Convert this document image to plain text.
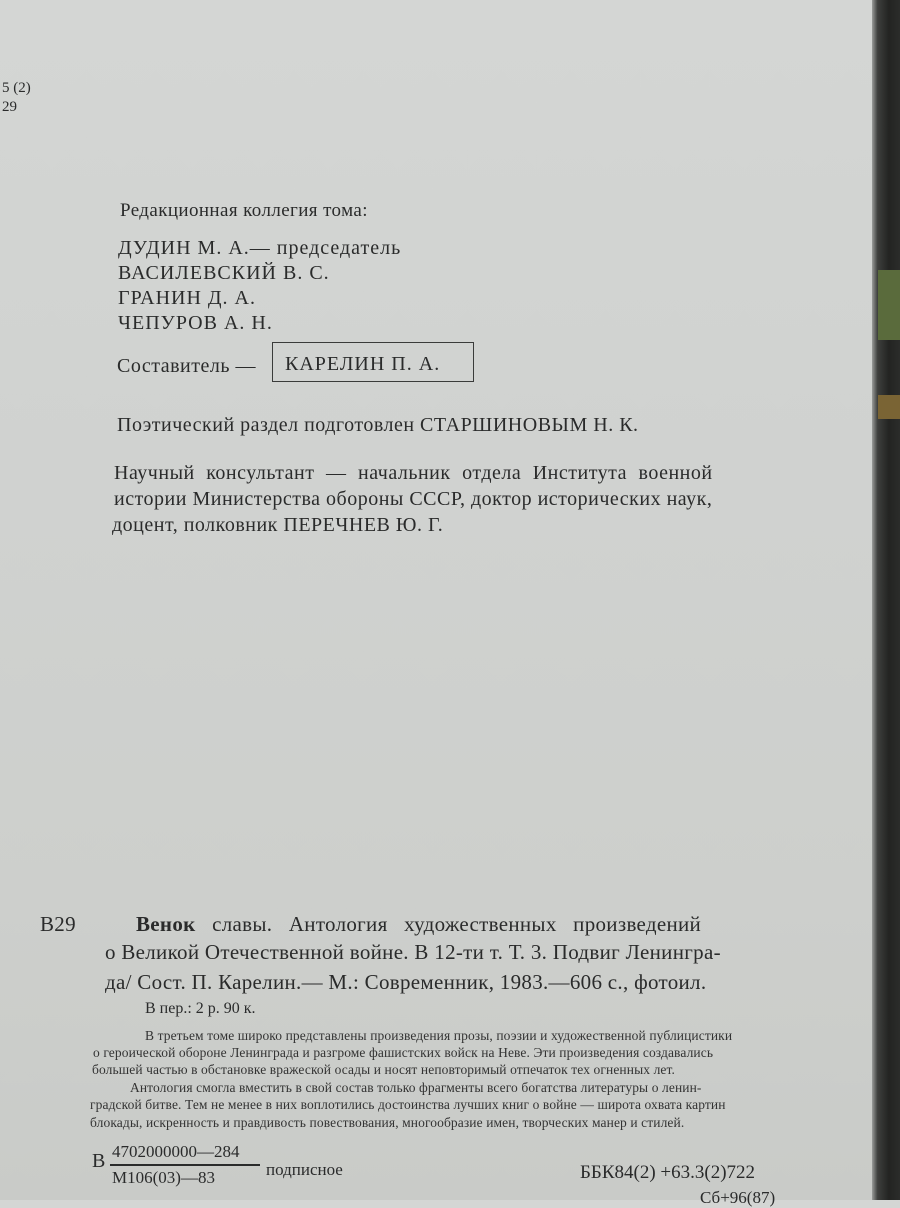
5 (2)
29
Редакционная коллегия тома:
ДУДИН М. А.— председатель
ВАСИЛЕВСКИЙ В. С.
ГРАНИН Д. А.
ЧЕПУРОВ А. Н.
Составитель — КАРЕЛИН П. А.
Поэтический раздел подготовлен СТАРШИНОВЫМ Н. К.
Научный консультант — начальник отдела Института военной
истории Министерства обороны СССР, доктор исторических наук,
доцент, полковник ПЕРЕЧНЕВ Ю. Г.
В29	Венок славы. Антология художественных произведений
о Великой Отечественной войне. В 12-ти т. Т. 3. Подвиг Ленингра-
да/ Сост. П. Карелин.— М.: Современник, 1983.—606 с., фотоил.
В пер.: 2 р. 90 к.
В третьем томе широко представлены произведения прозы, поэзии и художественной публицистики
о героической обороне Ленинграда и разгроме фашистских войск на Неве. Эти произведения создавались
большей частью в обстановке вражеской осады и носят неповторимый отпечаток тех огненных лет.
Антология смогла вместить в свой состав только фрагменты всего богатства литературы о ленин-
градской битве. Тем не менее в них воплотились достоинства лучших книг о войне — широта охвата картин
блокады, искренность и правдивость повествования, многообразие имен, творческих манер и стилей.
В 4702000000—284
М106(03)—83	подписное	ББК84(2) +63.3(2)722
Сб+96(87)
